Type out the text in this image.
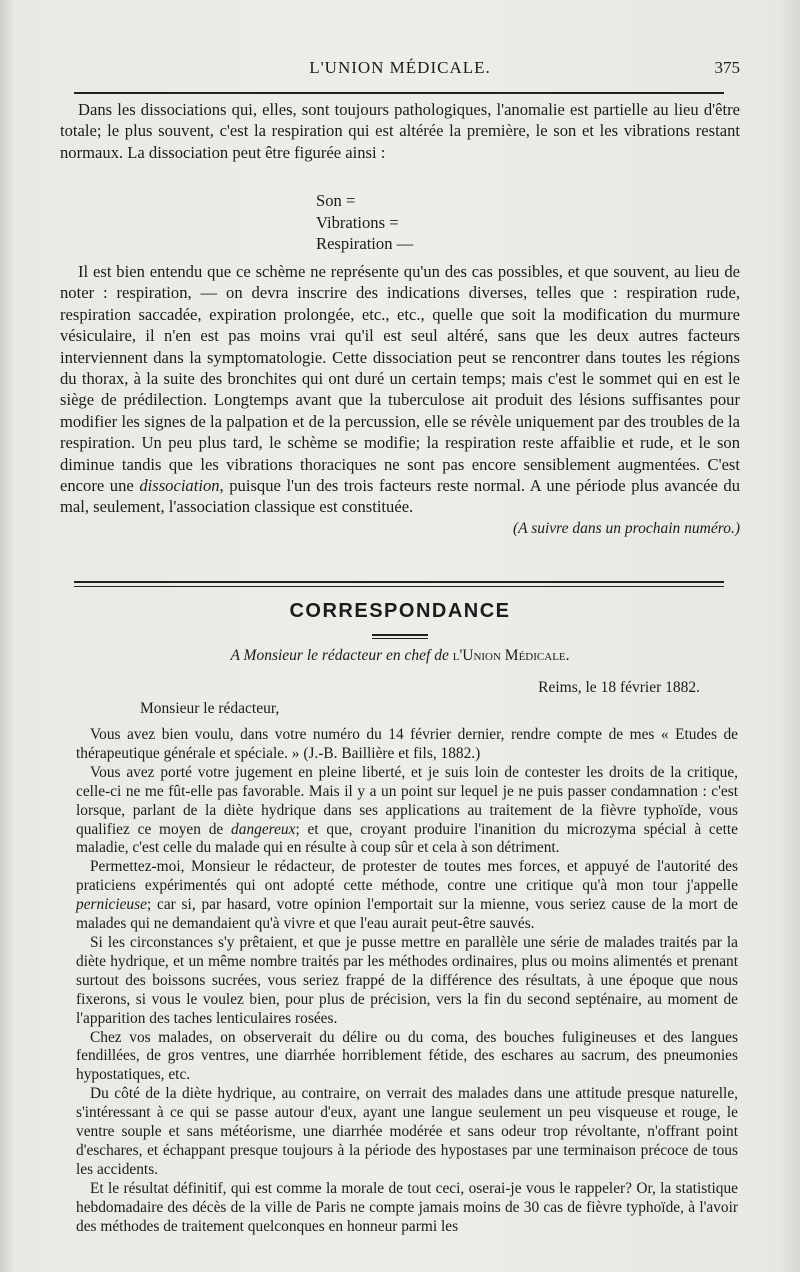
L'UNION MÉDICALE.	375

Dans les dissociations qui, elles, sont toujours pathologiques, l'anomalie est partielle au lieu d'être totale; le plus souvent, c'est la respiration qui est altérée la première, le son et les vibrations restant normaux. La dissociation peut être figurée ainsi :

Son =
Vibrations =
Respiration —

Il est bien entendu que ce schème ne représente qu'un des cas possibles, et que souvent, au lieu de noter : respiration, — on devra inscrire des indications diverses, telles que : respiration rude, respiration saccadée, expiration prolongée, etc., etc., quelle que soit la modification du murmure vésiculaire, il n'en est pas moins vrai qu'il est seul altéré, sans que les deux autres facteurs interviennent dans la symptomatologie. Cette dissociation peut se rencontrer dans toutes les régions du thorax, à la suite des bronchites qui ont duré un certain temps; mais c'est le sommet qui en est le siège de prédilection. Longtemps avant que la tuberculose ait produit des lésions suffisantes pour modifier les signes de la palpation et de la percussion, elle se révèle uniquement par des troubles de la respiration. Un peu plus tard, le schème se modifie; la respiration reste affaiblie et rude, et le son diminue tandis que les vibrations thoraciques ne sont pas encore sensiblement augmentées. C'est encore une dissociation, puisque l'un des trois facteurs reste normal. A une période plus avancée du mal, seulement, l'association classique est constituée.

(A suivre dans un prochain numéro.)
CORRESPONDANCE
A Monsieur le rédacteur en chef de l'Union Médicale.
Reims, le 18 février 1882.
Monsieur le rédacteur,

Vous avez bien voulu, dans votre numéro du 14 février dernier, rendre compte de mes « Etudes de thérapeutique générale et spéciale. » (J.-B. Baillière et fils, 1882.)

Vous avez porté votre jugement en pleine liberté, et je suis loin de contester les droits de la critique, celle-ci ne me fût-elle pas favorable. Mais il y a un point sur lequel je ne puis passer condamnation : c'est lorsque, parlant de la diète hydrique dans ses applications au traitement de la fièvre typhoïde, vous qualifiez ce moyen de dangereux; et que, croyant produire l'inanition du microzyma spécial à cette maladie, c'est celle du malade qui en résulte à coup sûr et cela à son détriment.

Permettez-moi, Monsieur le rédacteur, de protester de toutes mes forces, et appuyé de l'autorité des praticiens expérimentés qui ont adopté cette méthode, contre une critique qu'à mon tour j'appelle pernicieuse; car si, par hasard, votre opinion l'emportait sur la mienne, vous seriez cause de la mort de malades qui ne demandaient qu'à vivre et que l'eau aurait peut-être sauvés.

Si les circonstances s'y prêtaient, et que je pusse mettre en parallèle une série de malades traités par la diète hydrique, et un même nombre traités par les méthodes ordinaires, plus ou moins alimentés et prenant surtout des boissons sucrées, vous seriez frappé de la différence des résultats, à une époque que nous fixerons, si vous le voulez bien, pour plus de précision, vers la fin du second septénaire, au moment de l'apparition des taches lenticulaires rosées.

Chez vos malades, on observerait du délire ou du coma, des bouches fuligineuses et des langues fendillées, de gros ventres, une diarrhée horriblement fétide, des eschares au sacrum, des pneumonies hypostatiques, etc.

Du côté de la diète hydrique, au contraire, on verrait des malades dans une attitude presque naturelle, s'intéressant à ce qui se passe autour d'eux, ayant une langue seulement un peu visqueuse et rouge, le ventre souple et sans météorisme, une diarrhée modérée et sans odeur trop révoltante, n'offrant point d'eschares, et échappant presque toujours à la période des hypostases par une terminaison précoce de tous les accidents.

Et le résultat définitif, qui est comme la morale de tout ceci, oserai-je vous le rappeler? Or, la statistique hebdomadaire des décès de la ville de Paris ne compte jamais moins de 30 cas de fièvre typhoïde, à l'avoir des méthodes de traitement quelconques en honneur parmi les
